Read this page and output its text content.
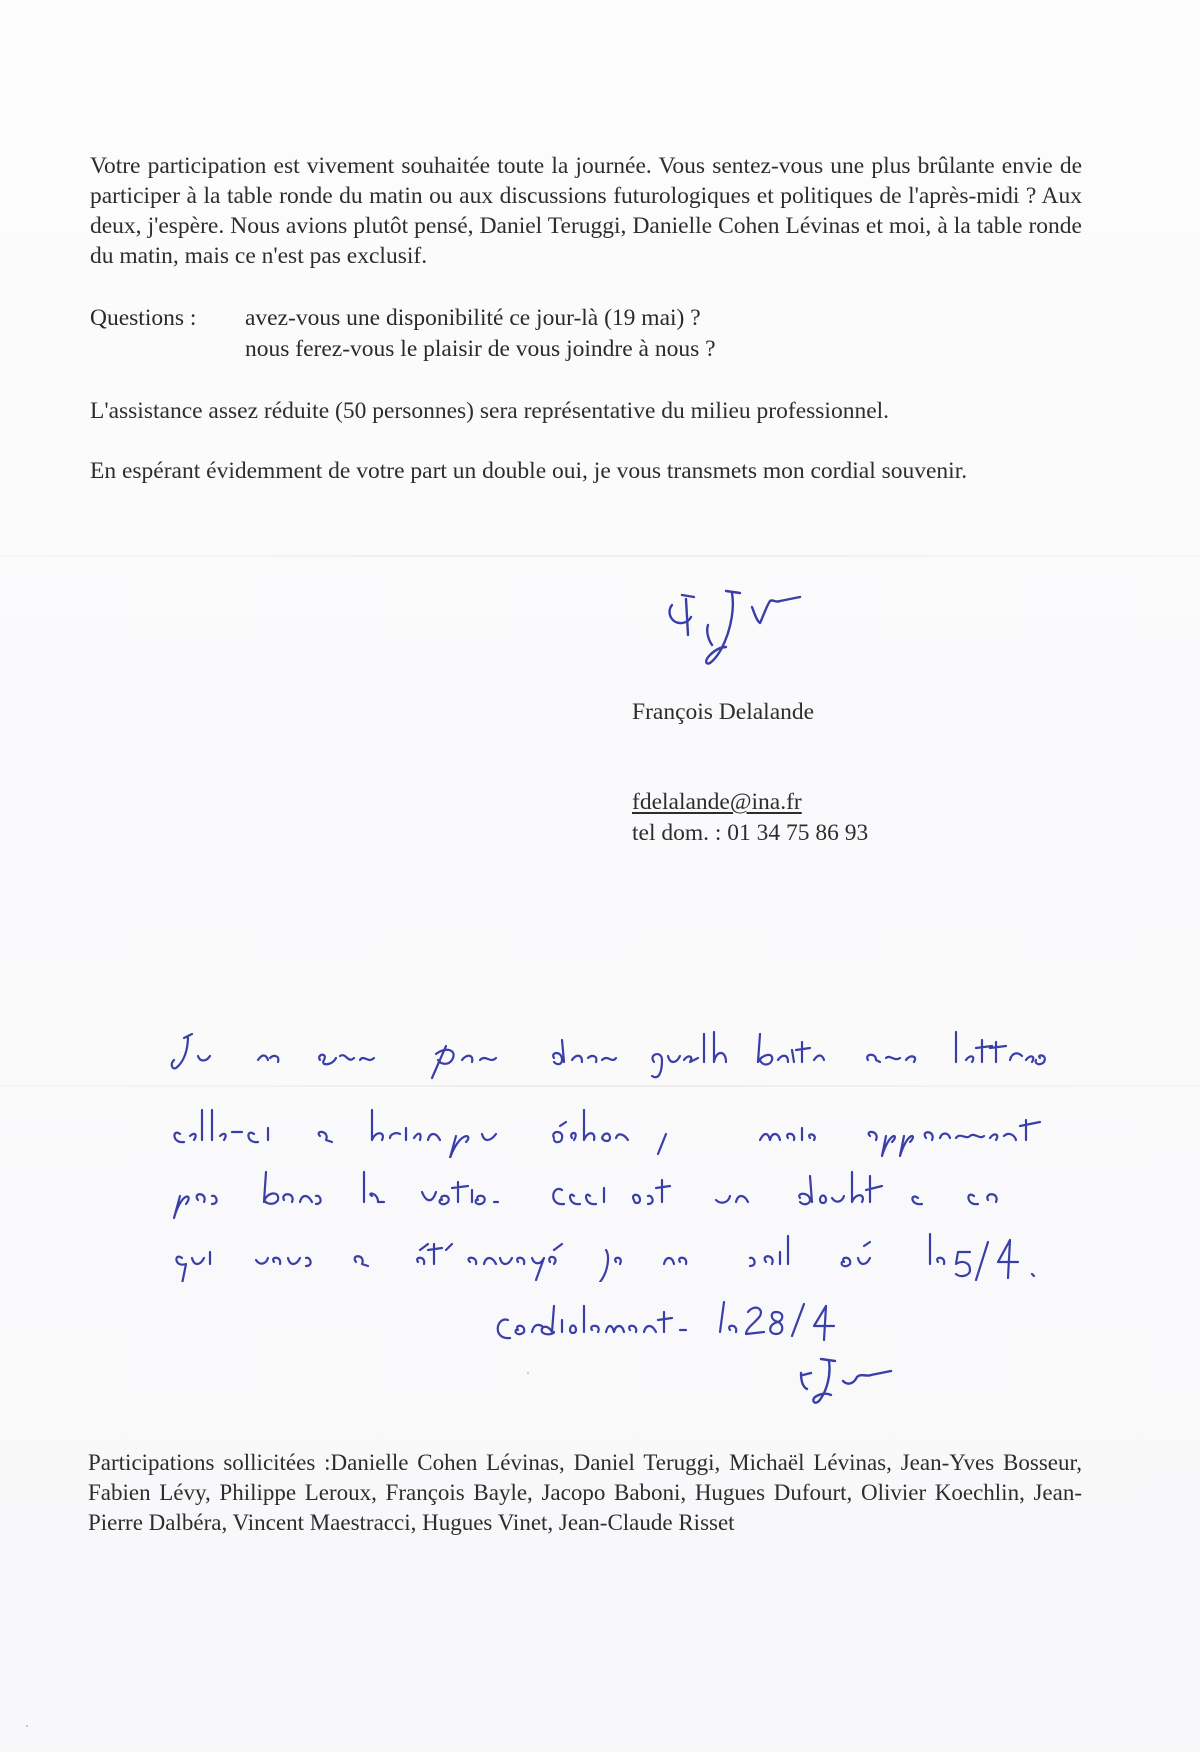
Votre participation est vivement souhaitée toute la journée. Vous sentez-vous une plus brûlante envie de participer à la table ronde du matin ou aux discussions futurologiques et politiques de l'après-midi ? Aux deux, j'espère. Nous avions plutôt pensé, Daniel Teruggi, Danielle Cohen Lévinas et moi, à la table ronde du matin, mais ce n'est pas exclusif.

Questions : avez-vous une disponibilité ce jour-là (19 mai) ?
nous ferez-vous le plaisir de vous joindre à nous ?
L'assistance assez réduite (50 personnes) sera représentative du milieu professionnel.
En espérant évidemment de votre part un double oui, je vous transmets mon cordial souvenir.
François Delalande
fdelalande@ina.fr
tel dom. : 01 34 75 86 93

Participations sollicitées :Danielle Cohen Lévinas, Daniel Teruggi, Michaël Lévinas, Jean-Yves Bosseur, Fabien Lévy, Philippe Leroux, François Bayle, Jacopo Baboni, Hugues Dufourt, Olivier Koechlin, Jean-Pierre Dalbéra, Vincent Maestracci, Hugues Vinet, Jean-Claude Risset
